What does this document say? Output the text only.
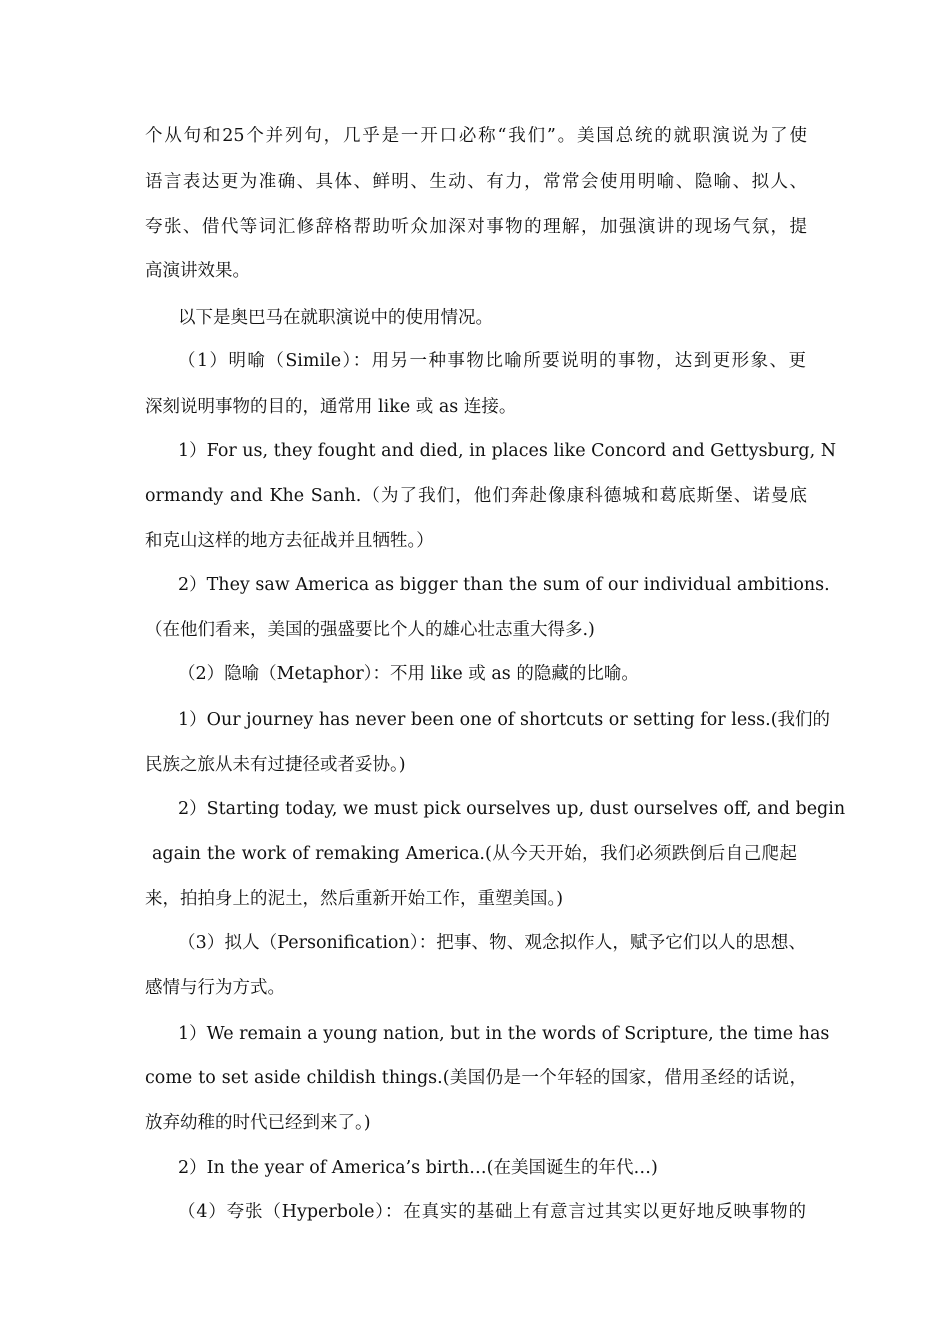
个从句和25个并列句，几乎是一开口必称“我们”。美国总统的就职演说为了使
语言表达更为准确、具体、鲜明、生动、有力，常常会使用明喻、隐喻、拟人、
夸张、借代等词汇修辞格帮助听众加深对事物的理解，加强演讲的现场气氛，提
高演讲效果。
以下是奥巴马在就职演说中的使用情况。
（1）明喻（Simile）：用另一种事物比喻所要说明的事物，达到更形象、更
深刻说明事物的目的，通常用 like 或 as 连接。
1）For us, they fought and died, in places like Concord and Gettysburg, N
ormandy and Khe Sanh.（为了我们，他们奔赴像康科德城和葛底斯堡、诺曼底
和克山这样的地方去征战并且牺牲。）
2）They saw America as bigger than the sum of our individual ambitions.
（在他们看来，美国的强盛要比个人的雄心壮志重大得多.)
（2）隐喻（Metaphor）：不用 like 或 as 的隐藏的比喻。
1）Our journey has never been one of shortcuts or setting for less.(我们的
民族之旅从未有过捷径或者妥协。)
2）Starting today, we must pick ourselves up, dust ourselves off, and begin
again the work of remaking America.(从今天开始，我们必须跌倒后自己爬起
来，拍拍身上的泥土，然后重新开始工作，重塑美国。)
（3）拟人（Personification）：把事、物、观念拟作人，赋予它们以人的思想、
感情与行为方式。
1）We remain a young nation, but in the words of Scripture, the time has
come to set aside childish things.(美国仍是一个年轻的国家，借用圣经的话说，
放弃幼稚的时代已经到来了。)
2）In the year of America’s birth…(在美国诞生的年代…)
（4）夸张（Hyperbole）：在真实的基础上有意言过其实以更好地反映事物的
